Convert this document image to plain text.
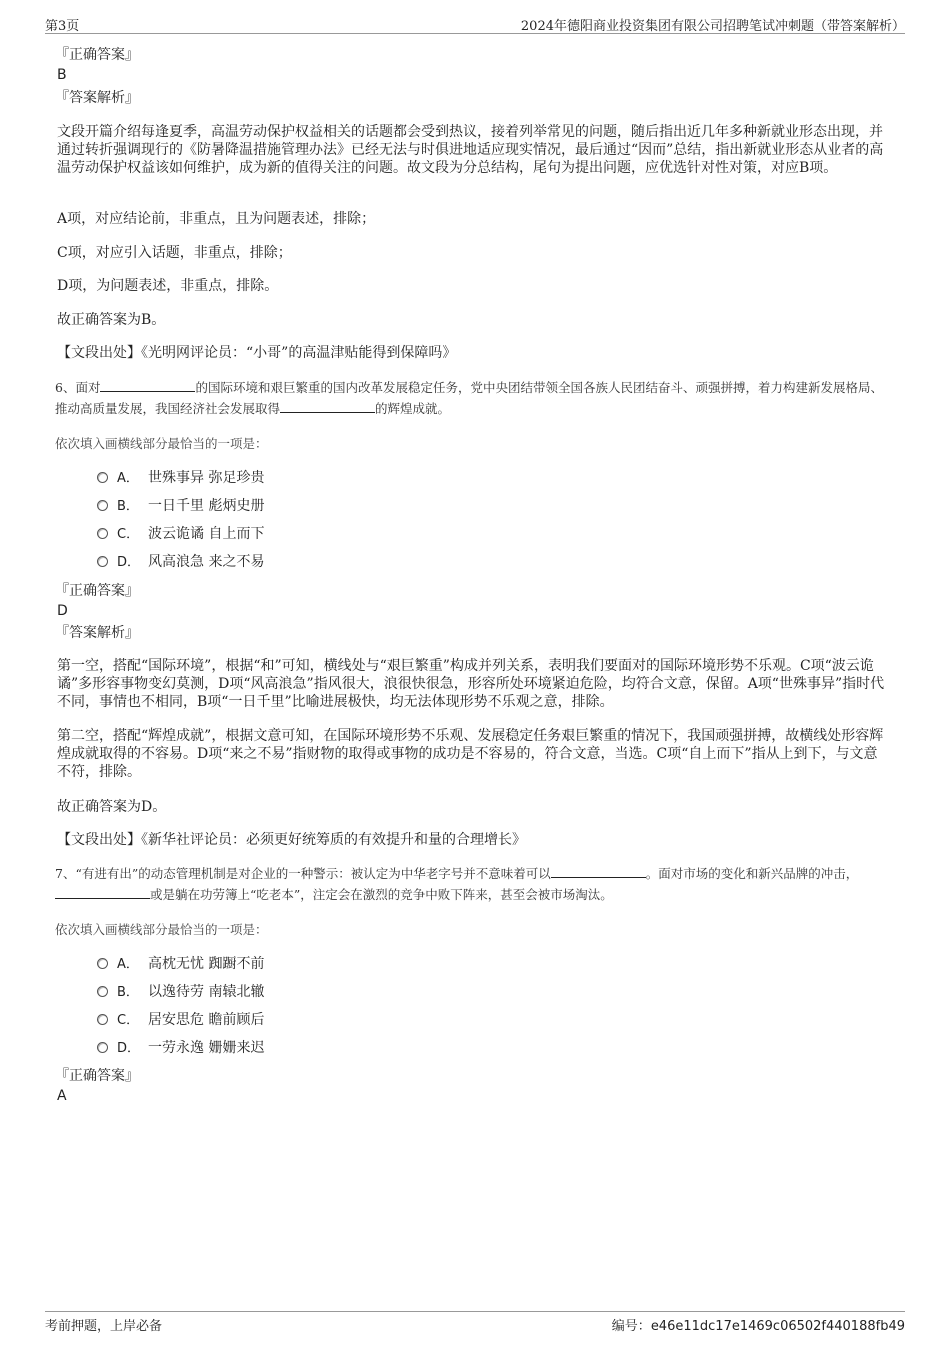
第3页	2024年德阳商业投资集团有限公司招聘笔试冲刺题（带答案解析）
『正确答案』
B
『答案解析』
文段开篇介绍每逢夏季，高温劳动保护权益相关的话题都会受到热议，接着列举常见的问题，随后指出近几年多种新就业形态出现，并通过转折强调现行的《防暑降温措施管理办法》已经无法与时俱进地适应现实情况，最后通过“因而”总结，指出新就业形态从业者的高温劳动保护权益该如何维护，成为新的值得关注的问题。故文段为分总结构，尾句为提出问题，应优选针对性对策，对应B项。
A项，对应结论前，非重点，且为问题表述，排除；
C项，对应引入话题，非重点，排除；
D项，为问题表述，非重点，排除。
故正确答案为B。
【文段出处】《光明网评论员：“小哥”的高温津贴能得到保障吗》
6、面对	的国际环境和艰巨繁重的国内改革发展稳定任务，党中央团结带领全国各族人民团结奋斗、顽强拼搏，着力构建新发展格局、推动高质量发展，我国经济社会发展取得	的辉煌成就。
依次填入画横线部分最恰当的一项是：
A． 世殊事异 弥足珍贵
B． 一日千里 彪炳史册
C． 波云诡谲 自上而下
D． 风高浪急 来之不易
『正确答案』
D
『答案解析』
第一空，搭配“国际环境”，根据“和”可知，横线处与“艰巨繁重”构成并列关系，表明我们要面对的国际环境形势不乐观。C项“波云诡谲”多形容事物变幻莫测，D项“风高浪急”指风很大，浪很快很急，形容所处环境紧迫危险，均符合文意，保留。A项“世殊事异”指时代不同，事情也不相同，B项“一日千里”比喻进展极快，均无法体现形势不乐观之意，排除。
第二空，搭配“辉煌成就”，根据文意可知，在国际环境形势不乐观、发展稳定任务艰巨繁重的情况下，我国顽强拼搏，故横线处形容辉煌成就取得的不容易。D项“来之不易”指财物的取得或事物的成功是不容易的，符合文意，当选。C项“自上而下”指从上到下，与文意不符，排除。
故正确答案为D。
【文段出处】《新华社评论员：必须更好统筹质的有效提升和量的合理增长》
7、“有进有出”的动态管理机制是对企业的一种警示：被认定为中华老字号并不意味着可以	。面对市场的变化和新兴品牌的冲击，或是躺在功劳簿上“吃老本”，注定会在激烈的竞争中败下阵来，甚至会被市场淘汰。
依次填入画横线部分最恰当的一项是：
A． 高枕无忧 踟蹰不前
B． 以逸待劳 南辕北辙
C． 居安思危 瞻前顾后
D． 一劳永逸 姗姗来迟
『正确答案』
A
考前押题，上岸必备	编号：e46e11dc17e1469c06502f440188fb49
